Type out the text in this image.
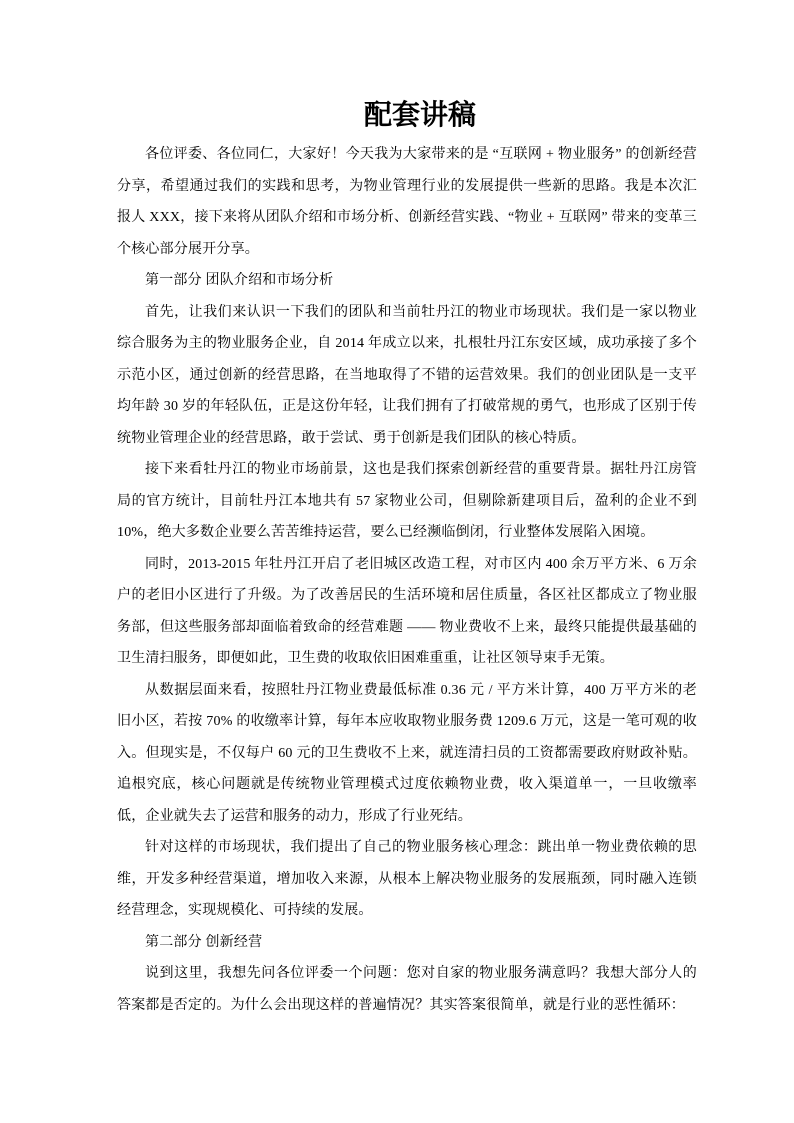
配套讲稿

各位评委、各位同仁，大家好！今天我为大家带来的是 “互联网 + 物业服务” 的创新经营分享，希望通过我们的实践和思考，为物业管理行业的发展提供一些新的思路。我是本次汇报人 XXX，接下来将从团队介绍和市场分析、创新经营实践、“物业 + 互联网” 带来的变革三个核心部分展开分享。

第一部分 团队介绍和市场分析

首先，让我们来认识一下我们的团队和当前牡丹江的物业市场现状。我们是一家以物业综合服务为主的物业服务企业，自 2014 年成立以来，扎根牡丹江东安区域，成功承接了多个示范小区，通过创新的经营思路，在当地取得了不错的运营效果。我们的创业团队是一支平均年龄 30 岁的年轻队伍，正是这份年轻，让我们拥有了打破常规的勇气，也形成了区别于传统物业管理企业的经营思路，敢于尝试、勇于创新是我们团队的核心特质。

接下来看牡丹江的物业市场前景，这也是我们探索创新经营的重要背景。据牡丹江房管局的官方统计，目前牡丹江本地共有 57 家物业公司，但剔除新建项目后，盈利的企业不到 10%，绝大多数企业要么苦苦维持运营，要么已经濒临倒闭，行业整体发展陷入困境。

同时，2013-2015 年牡丹江开启了老旧城区改造工程，对市区内 400 余万平方米、6 万余户的老旧小区进行了升级。为了改善居民的生活环境和居住质量，各区社区都成立了物业服务部，但这些服务部却面临着致命的经营难题 —— 物业费收不上来，最终只能提供最基础的卫生清扫服务，即便如此，卫生费的收取依旧困难重重，让社区领导束手无策。

从数据层面来看，按照牡丹江物业费最低标准 0.36 元 / 平方米计算，400 万平方米的老旧小区，若按 70% 的收缴率计算，每年本应收取物业服务费 1209.6 万元，这是一笔可观的收入。但现实是，不仅每户 60 元的卫生费收不上来，就连清扫员的工资都需要政府财政补贴。追根究底，核心问题就是传统物业管理模式过度依赖物业费，收入渠道单一，一旦收缴率低，企业就失去了运营和服务的动力，形成了行业死结。

针对这样的市场现状，我们提出了自己的物业服务核心理念：跳出单一物业费依赖的思维，开发多种经营渠道，增加收入来源，从根本上解决物业服务的发展瓶颈，同时融入连锁经营理念，实现规模化、可持续的发展。

第二部分 创新经营

说到这里，我想先问各位评委一个问题：您对自家的物业服务满意吗？我想大部分人的答案都是否定的。为什么会出现这样的普遍情况？其实答案很简单，就是行业的恶性循环：
